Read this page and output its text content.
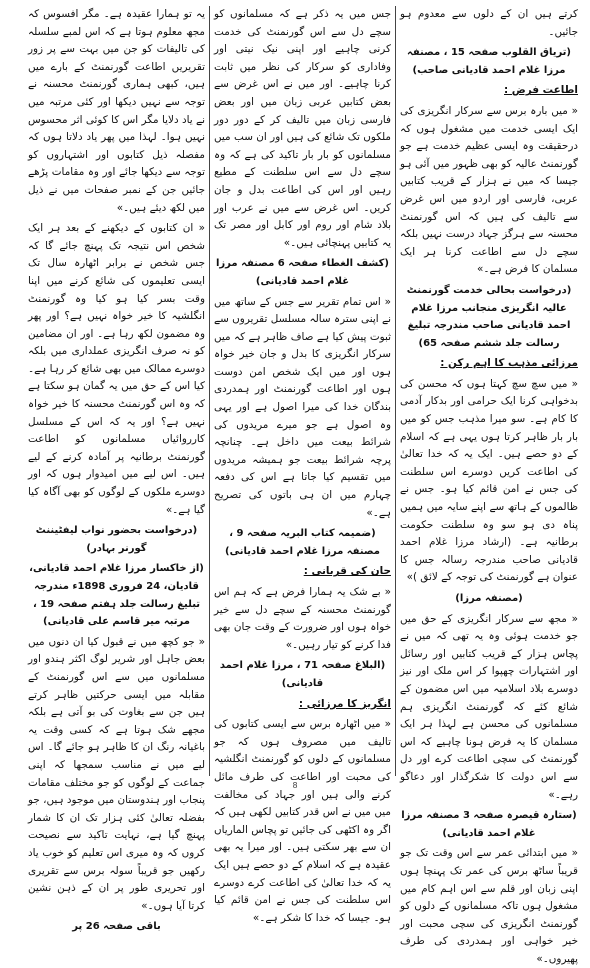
کرتے ہیں ان کے دلوں سے معدوم ہو جائیں۔

(تریاق القلوب صفحہ 15 ، مصنفہ مرزا غلام احمد قادیانی صاحب)

اطاعت فرض :

« میں بارہ برس سے سرکار انگریزی کی ایک ایسی خدمت میں مشغول ہوں کہ درحقیقت وہ ایسی عظیم خدمت ہے جو گورنمنٹ عالیہ کو بھی ظہور میں آئی ہو جیسا کہ میں نے ہزار کے قریب کتابیں عربی، فارسی اور اردو میں اس غرض سے تالیف کی ہیں کہ اس گورنمنٹ محسنہ سے ہرگز جہاد درست نہیں بلکہ سچے دل سے اطاعت کرنا ہر ایک مسلمان کا فرض ہے۔»

(درخواست بحالی خدمت گورنمنٹ عالیہ انگریزی منجانب مرزا غلام احمد قادیانی صاحب مندرجہ تبلیغ رسالت جلد ششم صفحہ 65)

مرزائی مذہب کا اہم رکن :

« میں سچ سچ کہتا ہوں کہ محسن کی بدخواہی کرنا ایک حرامی اور بدکار آدمی کا کام ہے۔ سو میرا مذہب جس کو میں بار بار ظاہر کرتا ہوں یہی ہے کہ اسلام کے دو حصے ہیں۔ ایک یہ کہ خدا تعالیٰ کی اطاعت کریں دوسرے اس سلطنت کی جس نے امن قائم کیا ہو۔ جس نے ظالموں کے ہاتھ سے اپنے سایہ میں ہمیں پناہ دی ہو سو وہ سلطنت حکومت برطانیہ ہے۔ (ارشاد مرزا غلام احمد قادیانی صاحب مندرجہ رسالہ جس کا عنوان ہے گورنمنٹ کی توجہ کے لائق )»

(مصنفہ مرزا)

« مجھ سے سرکار انگریزی کے حق میں جو خدمت ہوئی وہ یہ تھی کہ میں نے پچاس ہزار کے قریب کتابیں اور رسائل اور اشتہارات چھپوا کر اس ملک اور نیز دوسرے بلاد اسلامیہ میں اس مضمون کے شائع کئے کہ گورنمنٹ انگریزی ہم مسلمانوں کی محسن ہے لہذا ہر ایک مسلمان کا یہ فرض ہونا چاہیے کہ اس گورنمنٹ کی سچی اطاعت کرے اور دل سے اس دولت کا شکرگذار اور دعاگو رہے۔»

(ستارہ قیصرہ صفحہ 3 مصنفہ مرزا غلام احمد قادیانی)

« میں ابتدائی عمر سے اس وقت تک جو قریباً ساٹھ برس کی عمر تک پہنچا ہوں اپنی زبان اور قلم سے اس اہم کام میں مشغول ہوں تاکہ مسلمانوں کے دلوں کو گورنمنٹ انگریزی کی سچی محبت اور خیر خواہی اور ہمدردی کی طرف پھیروں۔»

جس میں یہ ذکر ہے کہ مسلمانوں کو سچے دل سے اس گورنمنٹ کی خدمت کرنی چاہیے اور اپنی نیک نیتی اور وفاداری کو سرکار کی نظر میں ثابت کرنا چاہیے۔ اور میں نے اس غرض سے بعض کتابیں عربی زبان میں اور بعض فارسی زبان میں تالیف کر کے دور دور ملکوں تک شائع کی ہیں اور ان سب میں مسلمانوں کو بار بار تاکید کی ہے کہ وہ سچے دل سے اس سلطنت کے مطیع رہیں اور اس کی اطاعت بدل و جان کریں۔ اس غرض سے میں نے عرب اور بلاد شام اور روم اور کابل اور مصر تک یہ کتابیں پہنچائی ہیں۔»

(کشف الغطاء صفحہ 6 مصنفہ مرزا غلام احمد قادیانی)

« اس تمام تقریر سے جس کے ساتھ میں نے اپنی سترہ سالہ مسلسل تقریروں سے ثبوت پیش کیا ہے صاف ظاہر ہے کہ میں سرکار انگریزی کا بدل و جان خیر خواہ ہوں اور میں ایک شخص امن دوست ہوں اور اطاعت گورنمنٹ اور ہمدردی بندگان خدا کی میرا اصول ہے اور یہی وہ اصول ہے جو میرے مریدوں کی شرائط بیعت میں داخل ہے۔ چنانچہ پرچہ شرائط بیعت جو ہمیشہ مریدوں میں تقسیم کیا جاتا ہے اس کی دفعہ چہارم میں ان ہی باتوں کی تصریح ہے۔»

(ضمیمہ کتاب البریہ صفحہ 9 ، مصنفہ مرزا غلام احمد قادیانی)

جان کی قربانی :

« بے شک یہ ہمارا فرض ہے کہ ہم اس گورنمنٹ محسنہ کے سچے دل سے خیر خواہ ہوں اور ضرورت کے وقت جان بھی فدا کرنے کو تیار رہیں۔»

(البلاغ صفحہ 71 ، مرزا غلام احمد قادیانی)

انگریز کا مرزائی :

« میں اٹھارہ برس سے ایسی کتابوں کی تالیف میں مصروف ہوں کہ جو مسلمانوں کے دلوں کو گورنمنٹ انگلشیہ کی محبت اور اطاعت کی طرف مائل کرنے والی ہیں اور جہاد کی مخالفت میں میں نے اس قدر کتابیں لکھی ہیں کہ اگر وہ اکٹھی کی جائیں تو پچاس الماریاں ان سے بھر سکتی ہیں۔ اور میرا یہ بھی عقیدہ ہے کہ اسلام کے دو حصے ہیں ایک یہ کہ خدا تعالیٰ کی اطاعت کرے دوسرے اس سلطنت کی جس نے امن قائم کیا ہو۔ جیسا کہ خدا کا شکر ہے۔»

یہ تو ہمارا عقیدہ ہے۔ مگر افسوس کہ مجھ معلوم ہوتا ہے کہ اس لمبے سلسلہ کی تالیفات کو جن میں بہت سے پر زور تقریریں اطاعت گورنمنٹ کے بارے میں ہیں، کبھی ہماری گورنمنٹ محسنہ نے توجہ سے نہیں دیکھا اور کئی مرتبہ میں نے یاد دلایا مگر اس کا کوئی اثر محسوس نہیں ہوا۔ لہذا میں پھر یاد دلاتا ہوں کہ مفصلہ ذیل کتابوں اور اشتہاروں کو توجہ سے دیکھا جائے اور وہ مقامات پڑھے جائیں جن کے نمبر صفحات میں نے ذیل میں لکھ دیئے ہیں۔»

« ان کتابوں کے دیکھنے کے بعد ہر ایک شخص اس نتیجہ تک پہنچ جائے گا کہ جس شخص نے برابر اٹھارہ سال تک ایسی تعلیموں کی شائع کرنے میں اپنا وقت بسر کیا ہو کیا وہ گورنمنٹ انگلشیہ کا خیر خواہ نہیں ہے؟ اور پھر وہ مضمون لکھ رہا ہے۔ اور ان مضامین کو نہ صرف انگریزی عملداری میں بلکہ دوسرے ممالک میں بھی شائع کر رہا ہے۔ کیا اس کے حق میں یہ گمان ہو سکتا ہے کہ وہ اس گورنمنٹ محسنہ کا خیر خواہ نہیں ہے؟ اور یہ کہ اس کے مسلسل کارروائیاں مسلمانوں کو اطاعت گورنمنٹ برطانیہ پر آمادہ کرنے کے لیے ہیں۔ اس لیے میں امیدوار ہوں کہ اور دوسرے ملکوں کے لوگوں کو بھی آگاہ کیا گیا ہے۔»

(درخواست بحضور نواب لیفٹیننٹ گورنر بہادر)

(از خاکسار مرزا غلام احمد قادیانی، قادیان، 24 فروری 1898ء مندرجہ تبلیغ رسالت جلد ہفتم صفحہ 19 ، مرتبہ میر قاسم علی قادیانی)

« جو کچھ میں نے قبول کیا ان دنوں میں بعض جاہل اور شریر لوگ اکثر ہندو اور مسلمانوں میں سے اس گورنمنٹ کے مقابلہ میں ایسی حرکتیں ظاہر کرتے ہیں جن سے بغاوت کی بو آتی ہے بلکہ مجھے شک ہوتا ہے کہ کسی وقت یہ باغیانہ رنگ ان کا ظاہر ہو جائے گا۔ اس لیے میں نے مناسب سمجھا کہ اپنی جماعت کے لوگوں کو جو مختلف مقامات پنجاب اور ہندوستان میں موجود ہیں، جو بفضلہ تعالیٰ کئی ہزار تک ان کا شمار پہنچ گیا ہے، نہایت تاکید سے نصیحت کروں کہ وہ میری اس تعلیم کو خوب یاد رکھیں جو قریباً سولہ برس سے تقریری اور تحریری طور پر ان کے ذہن نشین کرتا آیا ہوں۔»

باقی صفحہ 26 پر

8
